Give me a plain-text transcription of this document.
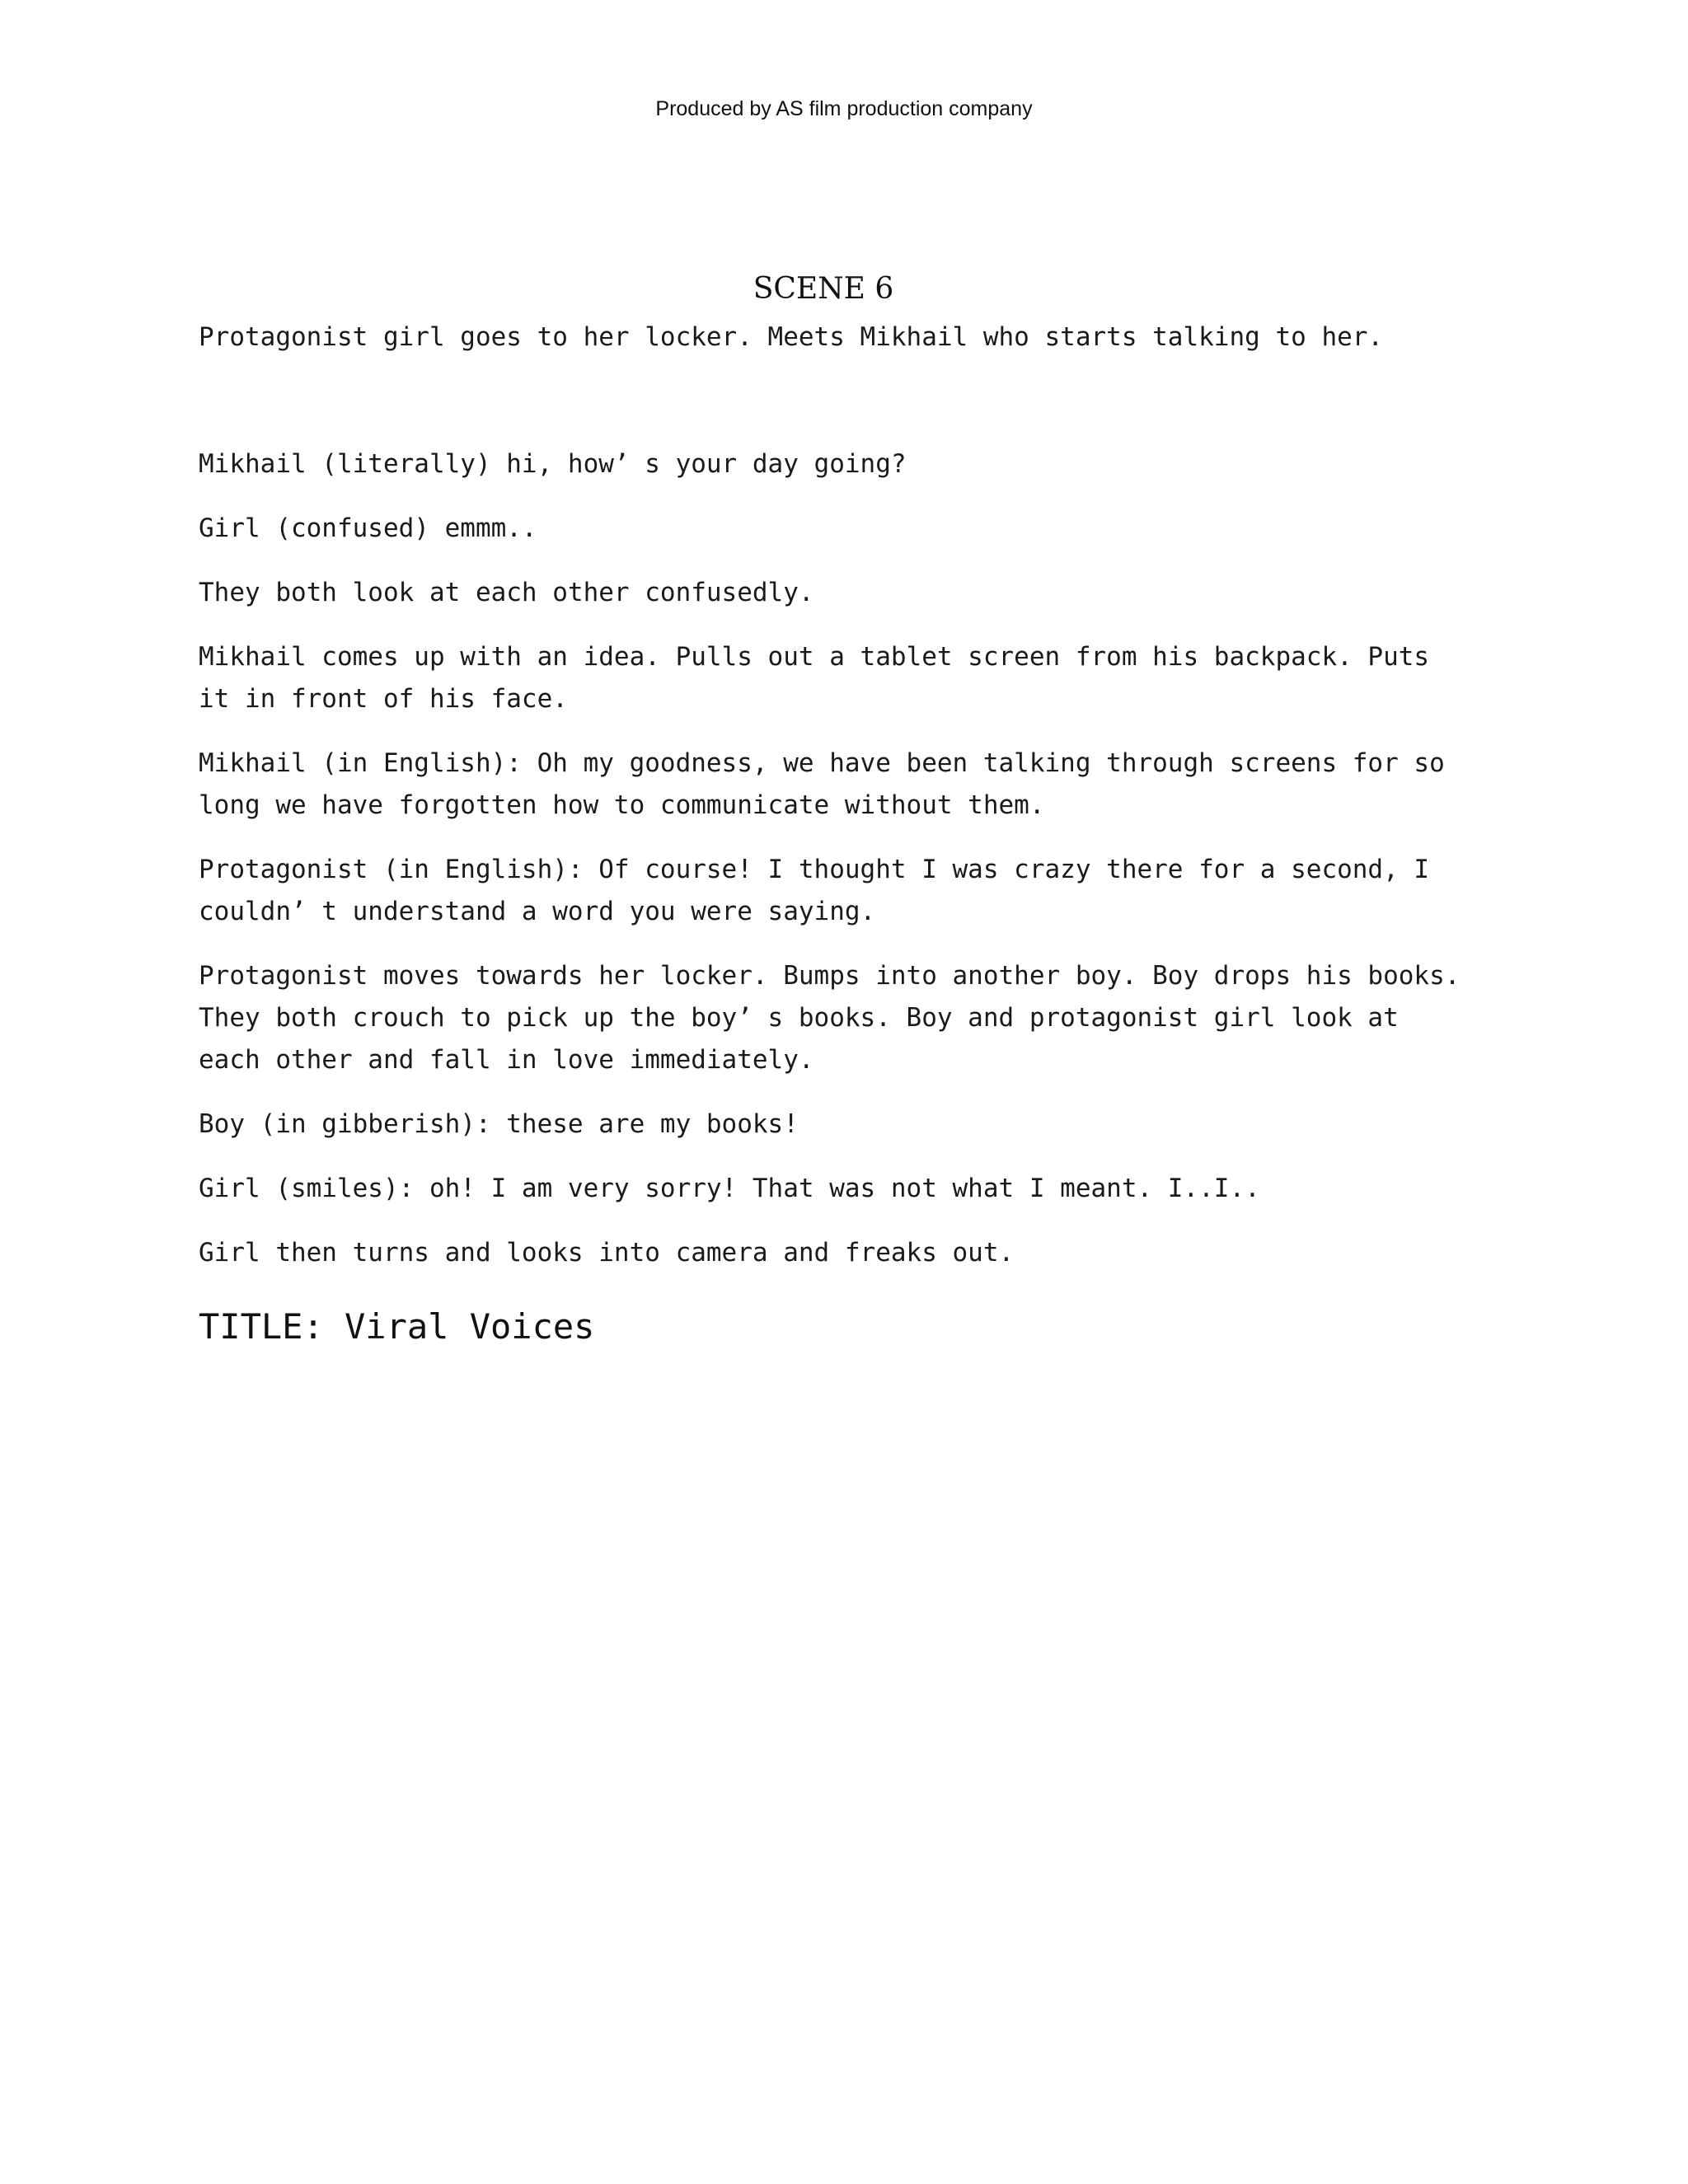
Produced by AS film production company
SCENE 6

Protagonist girl goes to her locker. Meets Mikhail who starts talking to her.

Mikhail (literally) hi, how’ s your day going?

Girl (confused) emmm..

They both look at each other confusedly.

Mikhail comes up with an idea. Pulls out a tablet screen from his backpack. Puts
it in front of his face.

Mikhail (in English): Oh my goodness, we have been talking through screens for so
long we have forgotten how to communicate without them.

Protagonist (in English): Of course! I thought I was crazy there for a second, I
couldn’ t understand a word you were saying.

Protagonist moves towards her locker. Bumps into another boy. Boy drops his books.
They both crouch to pick up the boy’ s books. Boy and protagonist girl look at
each other and fall in love immediately.

Boy (in gibberish): these are my books!

Girl (smiles): oh! I am very sorry! That was not what I meant. I..I..

Girl then turns and looks into camera and freaks out.

TITLE: Viral Voices
